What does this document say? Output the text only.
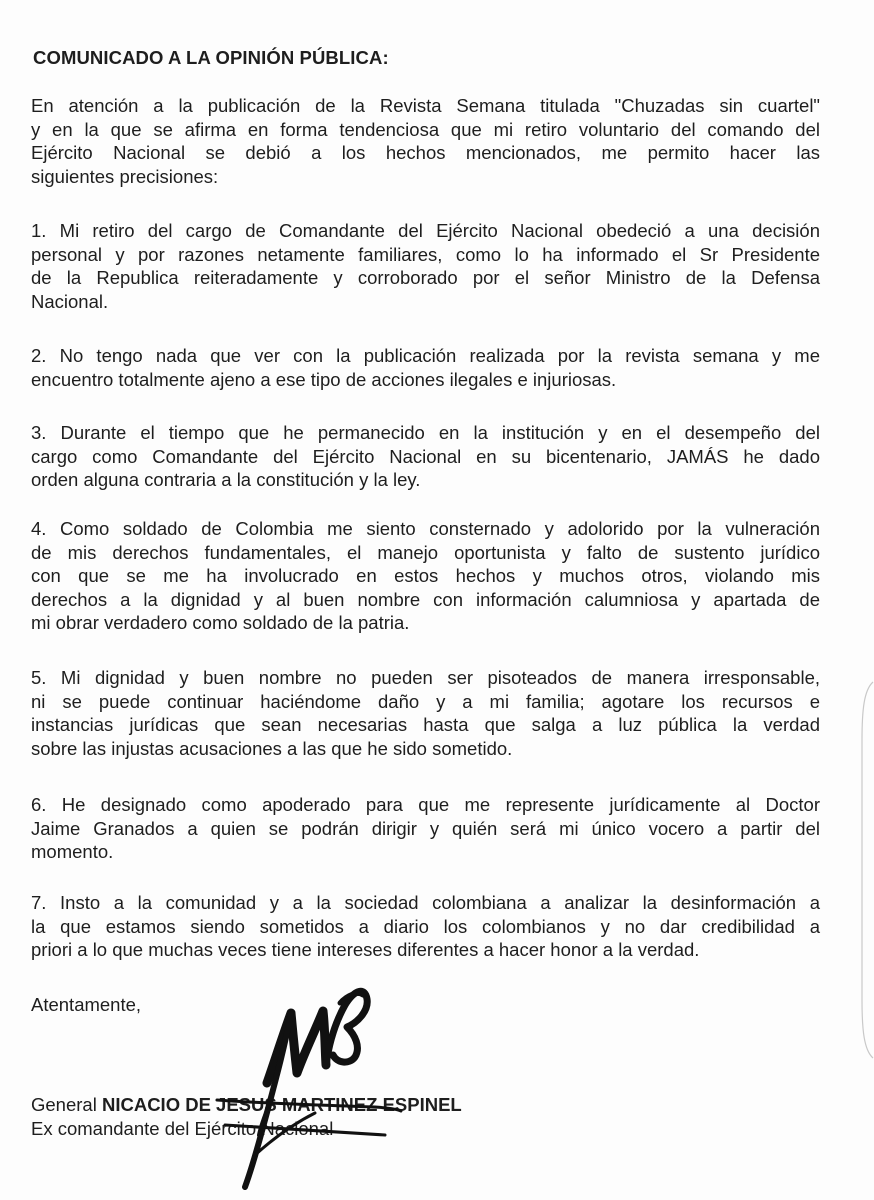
COMUNICADO A LA OPINIÓN PÚBLICA:

En atención a la publicación de la Revista Semana titulada "Chuzadas sin cuartel"
y en la que se afirma en forma tendenciosa que mi retiro voluntario del comando del
Ejército Nacional se debió a los hechos mencionados, me permito hacer las
siguientes precisiones:

1. Mi retiro del cargo de Comandante del Ejército Nacional obedeció a una decisión
personal y por razones netamente familiares, como lo ha informado el Sr Presidente
de la Republica reiteradamente y corroborado por el señor Ministro de la Defensa
Nacional.

2. No tengo nada que ver con la publicación realizada por la revista semana y me
encuentro totalmente ajeno a ese tipo de acciones ilegales e injuriosas.

3. Durante el tiempo que he permanecido en la institución y en el desempeño del
cargo como Comandante del Ejército Nacional en su bicentenario, JAMÁS he dado
orden alguna contraria a la constitución y la ley.

4. Como soldado de Colombia me siento consternado y adolorido por la vulneración
de mis derechos fundamentales, el manejo oportunista y falto de sustento jurídico
con que se me ha involucrado en estos hechos y muchos otros, violando mis
derechos a la dignidad y al buen nombre con información calumniosa y apartada de
mi obrar verdadero como soldado de la patria.

5. Mi dignidad y buen nombre no pueden ser pisoteados de manera irresponsable,
ni se puede continuar haciéndome daño y a mi familia; agotare los recursos e
instancias jurídicas que sean necesarias hasta que salga a luz pública la verdad
sobre las injustas acusaciones a las que he sido sometido.

6. He designado como apoderado para que me represente jurídicamente al Doctor
Jaime Granados a quien se podrán dirigir y quién será mi único vocero a partir del
momento.

7. Insto a la comunidad y a la sociedad colombiana a analizar la desinformación a
la que estamos siendo sometidos a diario los colombianos y no dar credibilidad a
priori a lo que muchas veces tiene intereses diferentes a hacer honor a la verdad.

Atentamente,
General NICACIO DE JESUS MARTINEZ ESPINEL
Ex comandante del Ejército Nacional
